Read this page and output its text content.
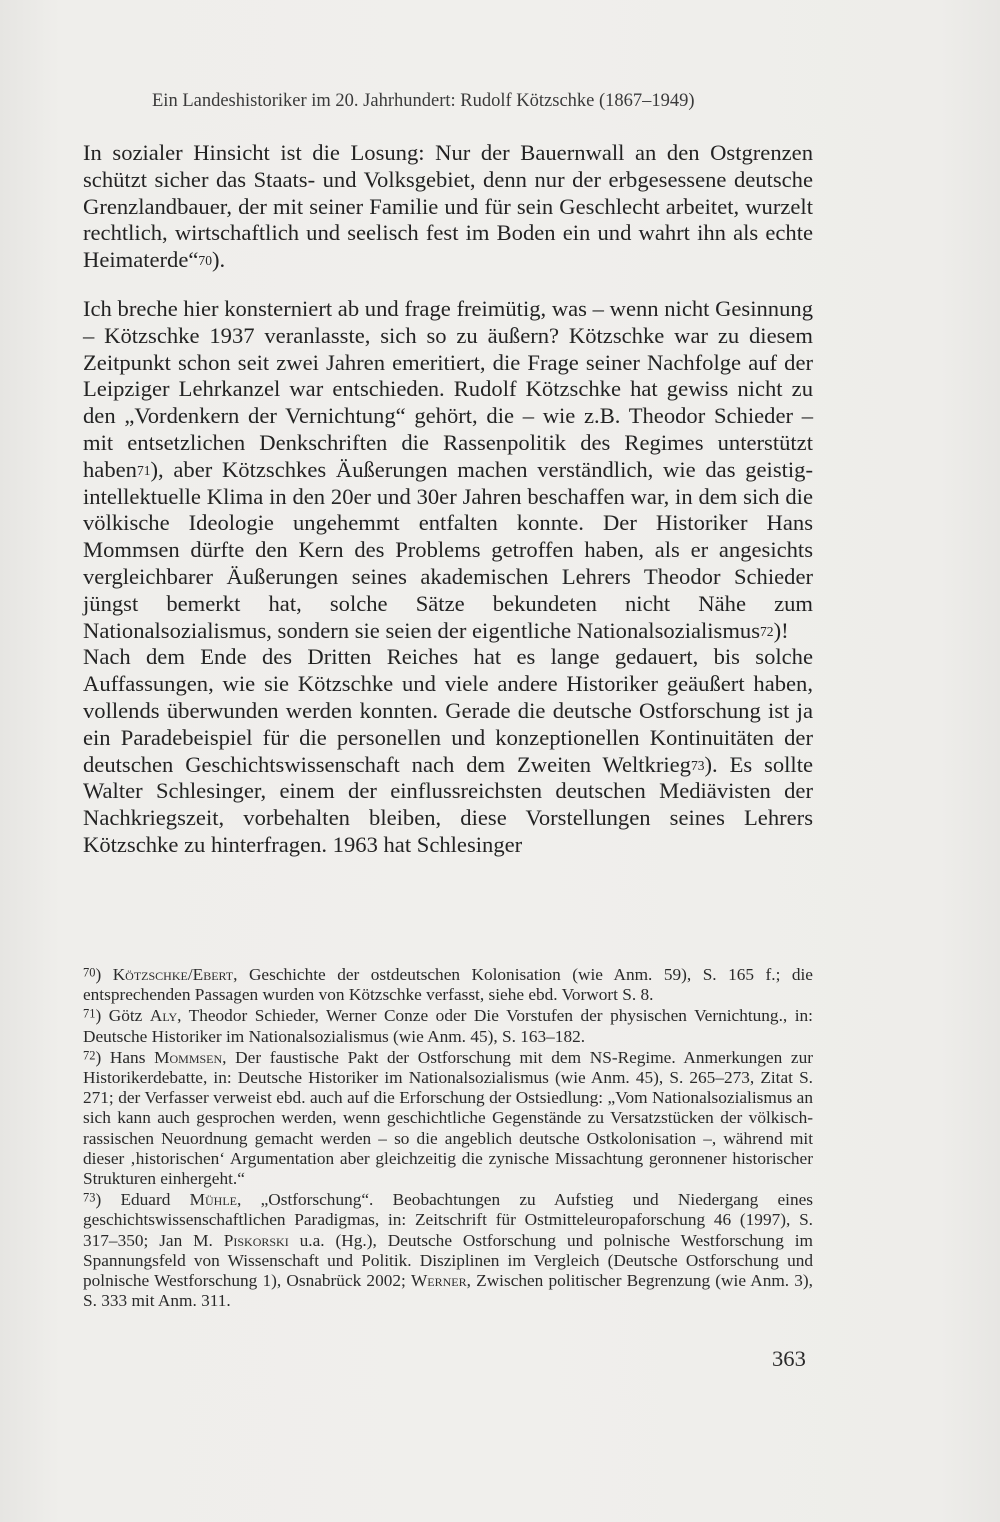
Ein Landeshistoriker im 20. Jahrhundert: Rudolf Kötzschke (1867–1949)

In sozialer Hinsicht ist die Losung: Nur der Bauernwall an den Ostgrenzen schützt sicher das Staats- und Volksgebiet, denn nur der erbgesessene deutsche Grenzlandbauer, der mit seiner Familie und für sein Geschlecht arbeitet, wurzelt rechtlich, wirtschaftlich und seelisch fest im Boden ein und wahrt ihn als echte Heimaterde“70).

Ich breche hier konsterniert ab und frage freimütig, was – wenn nicht Gesinnung – Kötzschke 1937 veranlasste, sich so zu äußern? Kötzschke war zu diesem Zeitpunkt schon seit zwei Jahren emeritiert, die Frage seiner Nachfolge auf der Leipziger Lehrkanzel war entschieden. Rudolf Kötzschke hat gewiss nicht zu den „Vordenkern der Vernichtung“ gehört, die – wie z.B. Theodor Schieder – mit entsetzlichen Denkschriften die Rassenpolitik des Regimes unterstützt haben71), aber Kötzschkes Äußerungen machen verständlich, wie das geistig-intellektuelle Klima in den 20er und 30er Jahren beschaffen war, in dem sich die völkische Ideologie ungehemmt entfalten konnte. Der Historiker Hans Mommsen dürfte den Kern des Problems getroffen haben, als er angesichts vergleichbarer Äußerungen seines akademischen Lehrers Theodor Schieder jüngst bemerkt hat, solche Sätze bekundeten nicht Nähe zum Nationalsozialismus, sondern sie seien der eigentliche Nationalsozialismus72)!

Nach dem Ende des Dritten Reiches hat es lange gedauert, bis solche Auffassungen, wie sie Kötzschke und viele andere Historiker geäußert haben, vollends überwunden werden konnten. Gerade die deutsche Ostforschung ist ja ein Paradebeispiel für die personellen und konzeptionellen Kontinuitäten der deutschen Geschichtswissenschaft nach dem Zweiten Weltkrieg73). Es sollte Walter Schlesinger, einem der einflussreichsten deutschen Mediävisten der Nachkriegszeit, vorbehalten bleiben, diese Vorstellungen seines Lehrers Kötzschke zu hinterfragen. 1963 hat Schlesinger

$^{70}$) Kötzschke/Ebert, Geschichte der ostdeutschen Kolonisation (wie Anm. 59), S. 165 f.; die entsprechenden Passagen wurden von Kötzschke verfasst, siehe ebd. Vorwort S. 8.

$^{71}$) Götz Aly, Theodor Schieder, Werner Conze oder Die Vorstufen der physischen Vernichtung., in: Deutsche Historiker im Nationalsozialismus (wie Anm. 45), S. 163–182.

$^{72}$) Hans Mommsen, Der faustische Pakt der Ostforschung mit dem NS-Regime. Anmerkungen zur Historikerdebatte, in: Deutsche Historiker im Nationalsozialismus (wie Anm. 45), S. 265–273, Zitat S. 271; der Verfasser verweist ebd. auch auf die Erforschung der Ostsiedlung: „Vom Nationalsozialismus an sich kann auch gesprochen werden, wenn geschichtliche Gegenstände zu Versatzstücken der völkisch-rassischen Neuordnung gemacht werden – so die angeblich deutsche Ostkolonisation –, während mit dieser ‚historischen‘ Argumentation aber gleichzeitig die zynische Missachtung geronnener historischer Strukturen einhergeht.“

$^{73}$) Eduard Mühle, „Ostforschung“. Beobachtungen zu Aufstieg und Niedergang eines geschichtswissenschaftlichen Paradigmas, in: Zeitschrift für Ostmitteleuropaforschung 46 (1997), S. 317–350; Jan M. Piskorski u.a. (Hg.), Deutsche Ostforschung und polnische Westforschung im Spannungsfeld von Wissenschaft und Politik. Disziplinen im Vergleich (Deutsche Ostforschung und polnische Westforschung 1), Osnabrück 2002; Werner, Zwischen politischer Begrenzung (wie Anm. 3), S. 333 mit Anm. 311.

363
